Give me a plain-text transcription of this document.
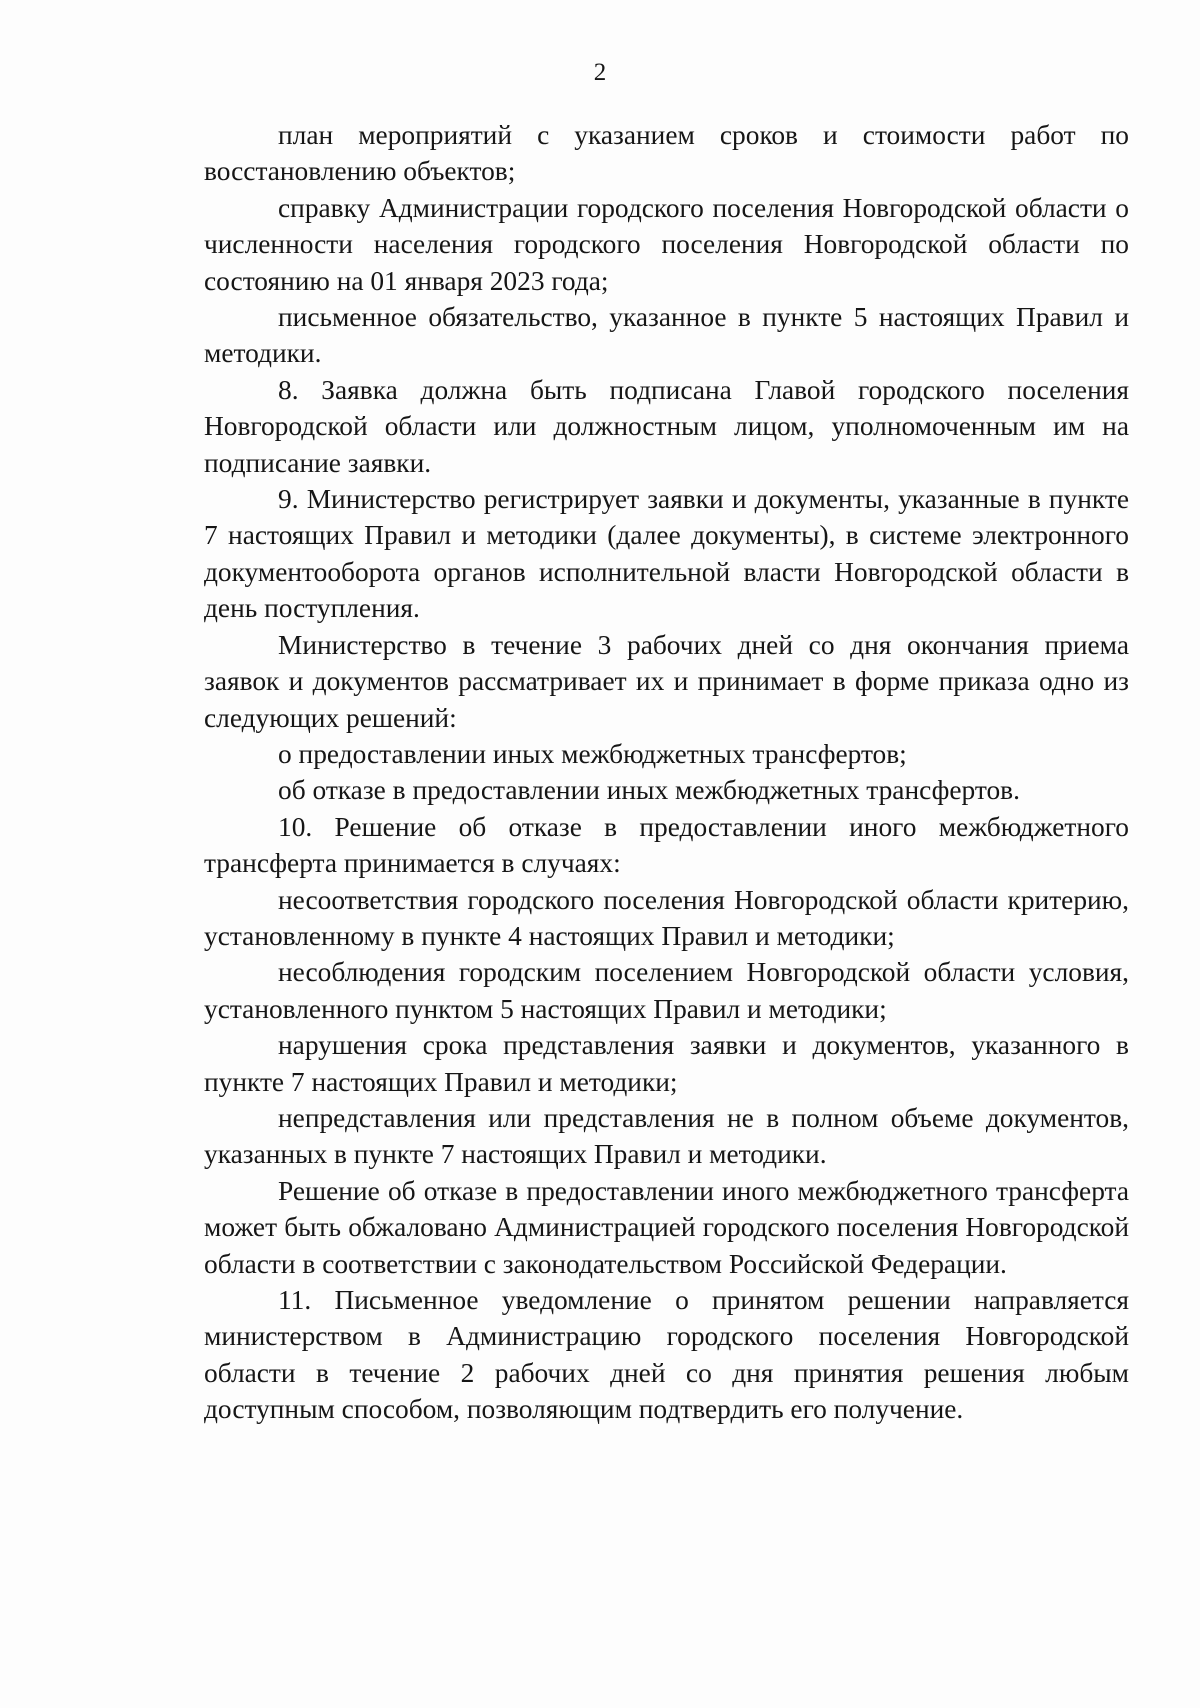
2

план мероприятий с указанием сроков и стоимости работ по восстановлению объектов;

справку Администрации городского поселения Новгородской области о численности населения городского поселения Новгородской области по состоянию на 01 января 2023 года;

письменное обязательство, указанное в пункте 5 настоящих Правил и методики.

8. Заявка должна быть подписана Главой городского поселения Новгородской области или должностным лицом, уполномоченным им на подписание заявки.

9. Министерство регистрирует заявки и документы, указанные в пункте 7 настоящих Правил и методики (далее документы), в системе электронного документооборота органов исполнительной власти Новгородской области в день поступления.

Министерство в течение 3 рабочих дней со дня окончания приема заявок и документов рассматривает их и принимает в форме приказа одно из следующих решений:

о предоставлении иных межбюджетных трансфертов;

об отказе в предоставлении иных межбюджетных трансфертов.

10. Решение об отказе в предоставлении иного межбюджетного трансферта принимается в случаях:

несоответствия городского поселения Новгородской области критерию, установленному в пункте 4 настоящих Правил и методики;

несоблюдения городским поселением Новгородской области условия, установленного пунктом 5 настоящих Правил и методики;

нарушения срока представления заявки и документов, указанного в пункте 7 настоящих Правил и методики;

непредставления или представления не в полном объеме документов, указанных в пункте 7 настоящих Правил и методики.

Решение об отказе в предоставлении иного межбюджетного трансферта может быть обжаловано Администрацией городского поселения Новгородской области в соответствии с законодательством Российской Федерации.

11. Письменное уведомление о принятом решении направляется министерством в Администрацию городского поселения Новгородской области в течение 2 рабочих дней со дня принятия решения любым доступным способом, позволяющим подтвердить его получение.
